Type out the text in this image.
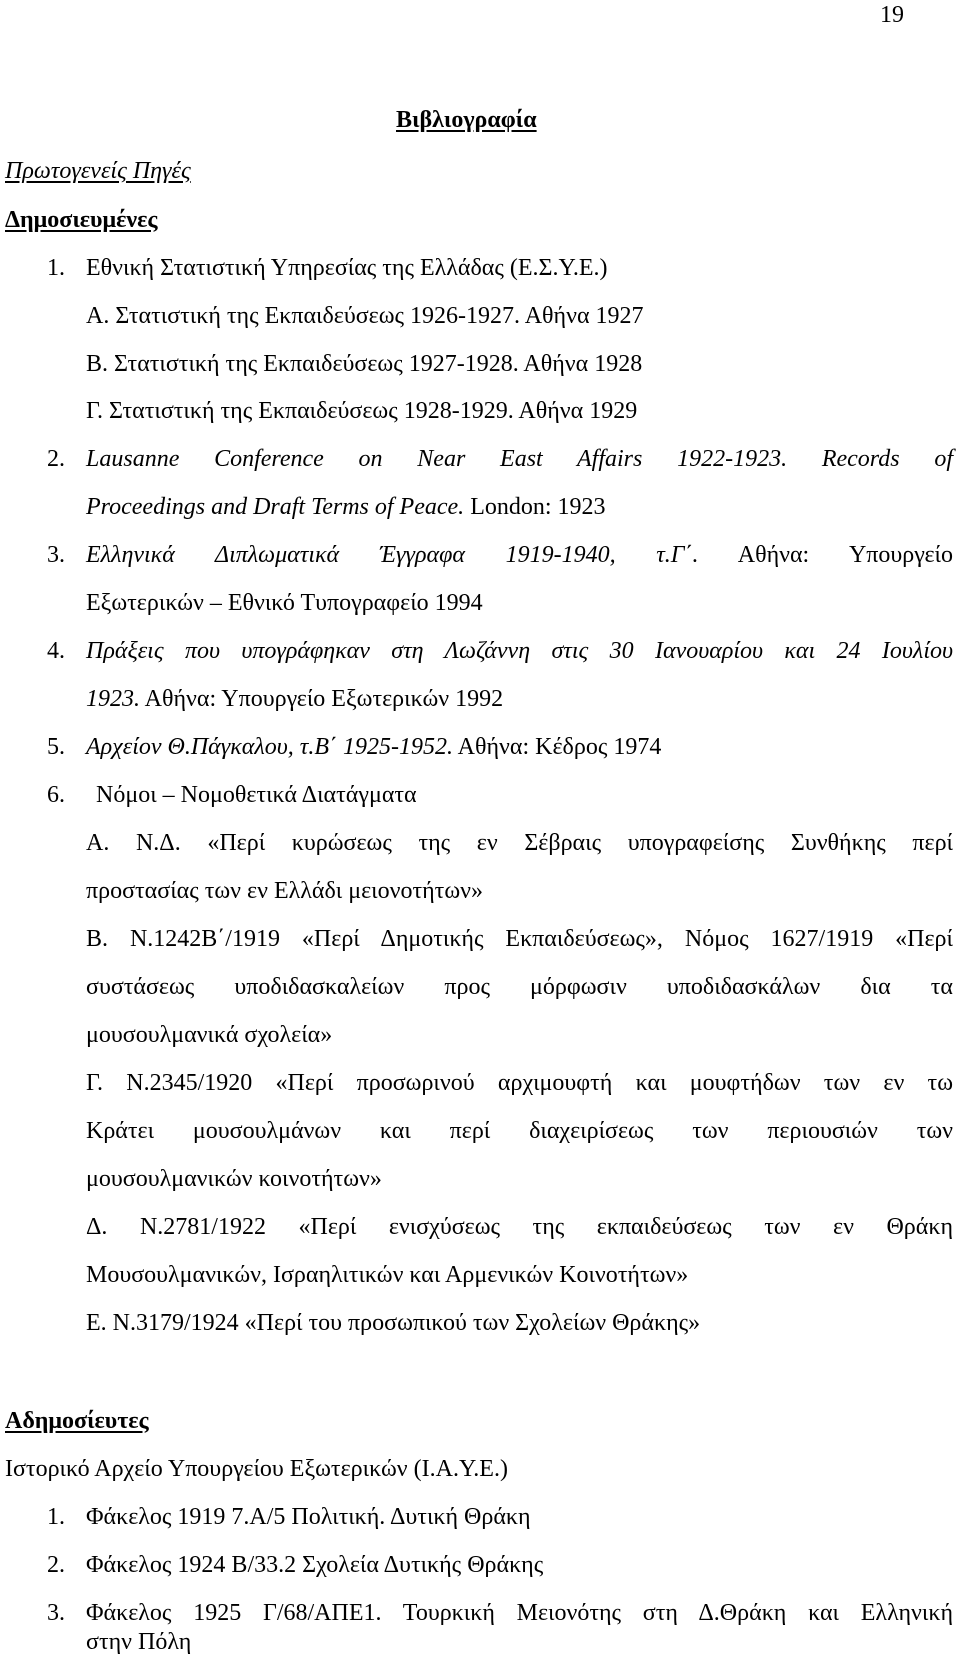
19
Βιβλιογραφία
Πρωτογενείς Πηγές
Δημοσιευμένες
1. Εθνική Στατιστική Υπηρεσίας της Ελλάδας (Ε.Σ.Υ.Ε.)
Α. Στατιστική της Εκπαιδεύσεως 1926-1927. Αθήνα 1927
Β. Στατιστική της Εκπαιδεύσεως 1927-1928. Αθήνα 1928
Γ. Στατιστική της Εκπαιδεύσεως 1928-1929. Αθήνα 1929
2. Lausanne Conference on Near East Affairs 1922-1923. Records of
Proceedings and Draft Terms of Peace. London: 1923
3. Ελληνικά Διπλωματικά Έγγραφα 1919-1940, τ.Γ΄. Αθήνα: Υπουργείο
Εξωτερικών – Εθνικό Τυπογραφείο 1994
4. Πράξεις που υπογράφηκαν στη Λωζάννη στις 30 Ιανουαρίου και 24 Ιουλίου
1923. Αθήνα: Υπουργείο Εξωτερικών 1992
5. Αρχείον Θ.Πάγκαλου, τ.Β΄ 1925-1952. Αθήνα: Κέδρος 1974
6. Νόμοι – Νομοθετικά Διατάγματα
Α. Ν.Δ. «Περί κυρώσεως της εν Σέβραις υπογραφείσης Συνθήκης περί
προστασίας των εν Ελλάδι μειονοτήτων»
Β. Ν.1242Β΄/1919 «Περί Δημοτικής Εκπαιδεύσεως», Νόμος 1627/1919 «Περί
συστάσεως υποδιδασκαλείων προς μόρφωσιν υποδιδασκάλων δια τα
μουσουλμανικά σχολεία»
Γ. Ν.2345/1920 «Περί προσωρινού αρχιμουφτή και μουφτήδων των εν τω
Κράτει μουσουλμάνων και περί διαχειρίσεως των περιουσιών των
μουσουλμανικών κοινοτήτων»
Δ. Ν.2781/1922 «Περί ενισχύσεως της εκπαιδεύσεως των εν Θράκη
Μουσουλμανικών, Ισραηλιτικών και Αρμενικών Κοινοτήτων»
Ε. Ν.3179/1924 «Περί του προσωπικού των Σχολείων Θράκης»
Αδημοσίευτες
Ιστορικό Αρχείο Υπουργείου Εξωτερικών (Ι.Α.Υ.Ε.)
1. Φάκελος 1919 7.Α/5 Πολιτική. Δυτική Θράκη
2. Φάκελος 1924 Β/33.2 Σχολεία Δυτικής Θράκης
3. Φάκελος 1925 Γ/68/ΑΠΕ1. Τουρκική Μειονότης στη Δ.Θράκη και Ελληνική
στην Πόλη
